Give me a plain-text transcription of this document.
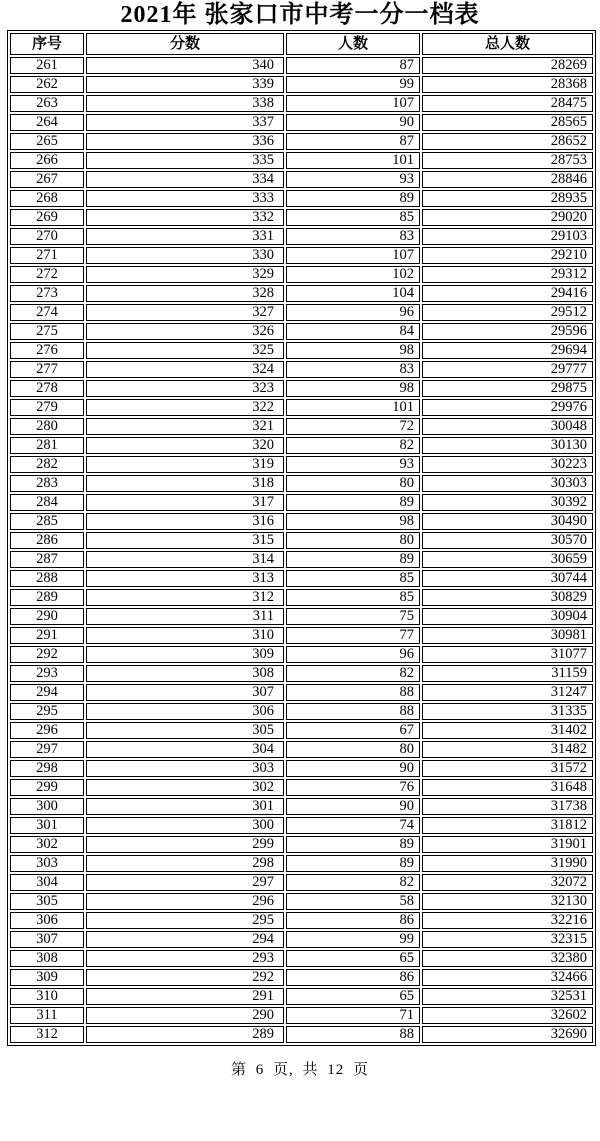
2021年 张家口市中考一分一档表
序号	分数	人数	总人数
261	340	87	28269
262	339	99	28368
263	338	107	28475
264	337	90	28565
265	336	87	28652
266	335	101	28753
267	334	93	28846
268	333	89	28935
269	332	85	29020
270	331	83	29103
271	330	107	29210
272	329	102	29312
273	328	104	29416
274	327	96	29512
275	326	84	29596
276	325	98	29694
277	324	83	29777
278	323	98	29875
279	322	101	29976
280	321	72	30048
281	320	82	30130
282	319	93	30223
283	318	80	30303
284	317	89	30392
285	316	98	30490
286	315	80	30570
287	314	89	30659
288	313	85	30744
289	312	85	30829
290	311	75	30904
291	310	77	30981
292	309	96	31077
293	308	82	31159
294	307	88	31247
295	306	88	31335
296	305	67	31402
297	304	80	31482
298	303	90	31572
299	302	76	31648
300	301	90	31738
301	300	74	31812
302	299	89	31901
303	298	89	31990
304	297	82	32072
305	296	58	32130
306	295	86	32216
307	294	99	32315
308	293	65	32380
309	292	86	32466
310	291	65	32531
311	290	71	32602
312	289	88	32690
第 6 页, 共 12 页
